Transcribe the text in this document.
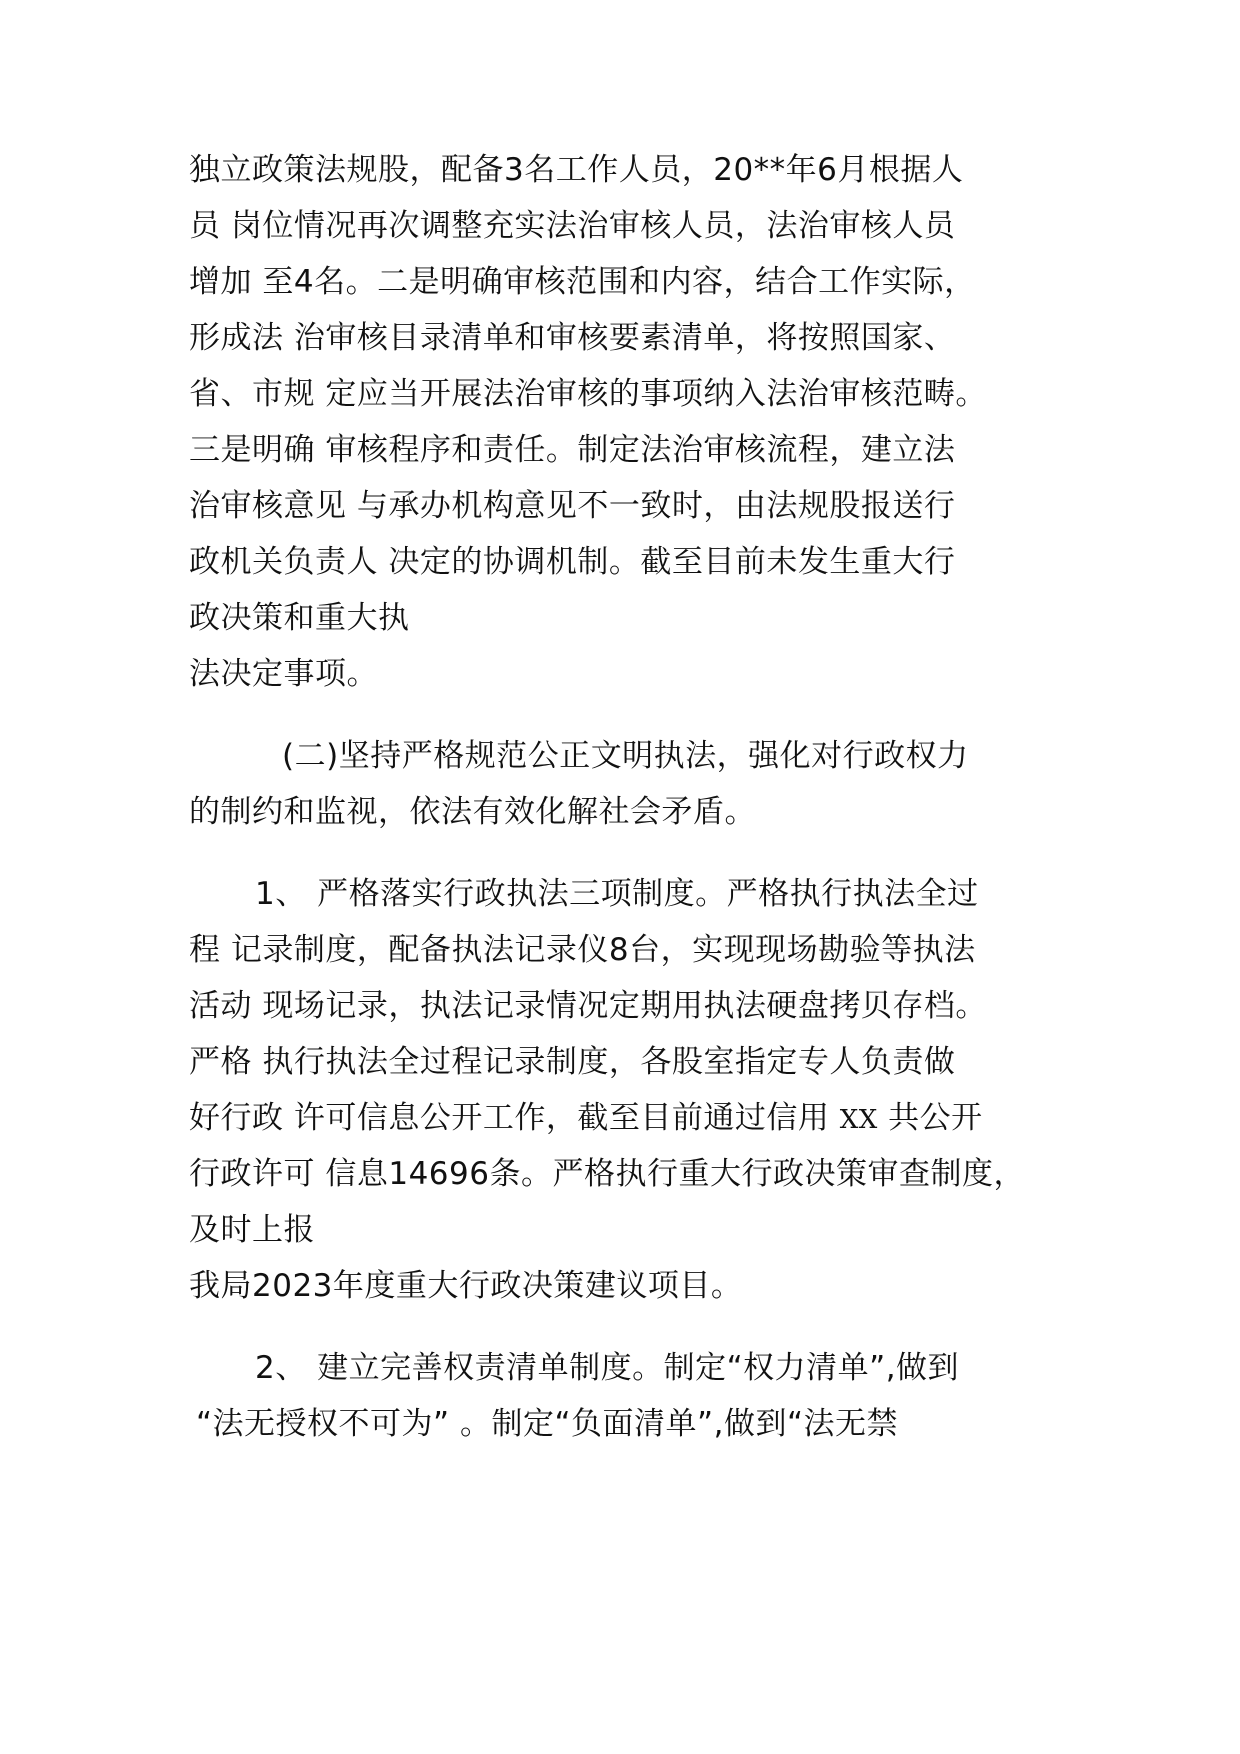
独立政策法规股，配备3名工作人员，20**年6月根据人
员 岗位情况再次调整充实法治审核人员，法治审核人员
增加 至4名。二是明确审核范围和内容，结合工作实际，
形成法 治审核目录清单和审核要素清单，将按照国家、
省、市规 定应当开展法治审核的事项纳入法治审核范畴。
三是明确 审核程序和责任。制定法治审核流程，建立法
治审核意见 与承办机构意见不一致时，由法规股报送行
政机关负责人 决定的协调机制。截至目前未发生重大行
政决策和重大执
法决定事项。
(二)坚持严格规范公正文明执法，强化对行政权力
的制约和监视，依法有效化解社会矛盾。
1、 严格落实行政执法三项制度。严格执行执法全过
程 记录制度，配备执法记录仪8台，实现现场勘验等执法
活动 现场记录，执法记录情况定期用执法硬盘拷贝存档。
严格 执行执法全过程记录制度，各股室指定专人负责做
好行政 许可信息公开工作，截至目前通过信用 XX 共公开
行政许可 信息14696条。严格执行重大行政决策审查制度，
及时上报
我局2023年度重大行政决策建议项目。
2、 建立完善权责清单制度。制定“权力清单”,做到
“法无授权不可为” 。制定“负面清单”,做到“法无禁
